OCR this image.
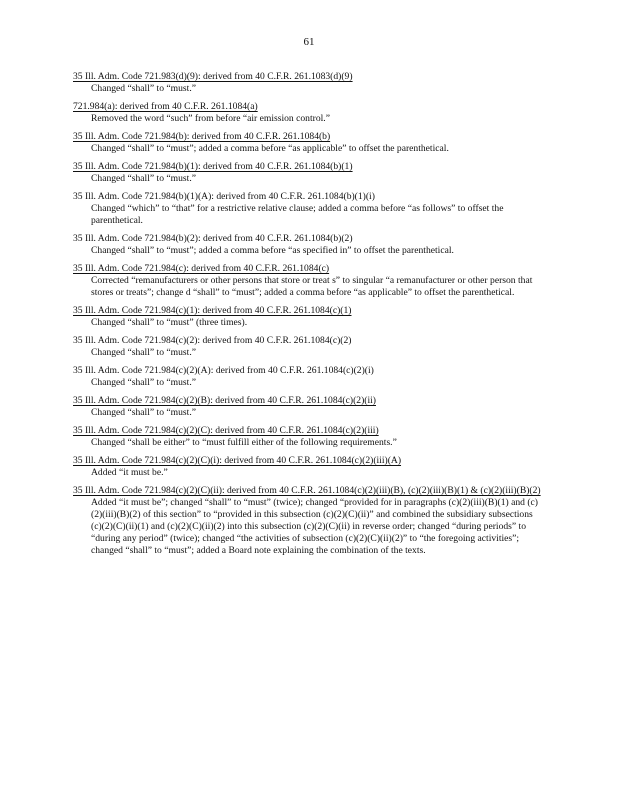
61
35 Ill. Adm. Code 721.983(d)(9): derived from 40 C.F.R. 261.1083(d)(9)
Changed “shall” to “must.”
721.984(a): derived from 40 C.F.R. 261.1084(a)
Removed the word “such” from before “air emission control.”
35 Ill. Adm. Code 721.984(b): derived from 40 C.F.R. 261.1084(b)
Changed “shall” to “must”; added a comma before “as applicable” to offset the parenthetical.
35 Ill. Adm. Code 721.984(b)(1): derived from 40 C.F.R. 261.1084(b)(1)
Changed “shall” to “must.”
35 Ill. Adm. Code 721.984(b)(1)(A): derived from 40 C.F.R. 261.1084(b)(1)(i)
Changed “which” to “that” for a restrictive relative clause; added a comma before “as follows” to offset the parenthetical.
35 Ill. Adm. Code 721.984(b)(2): derived from 40 C.F.R. 261.1084(b)(2)
Changed “shall” to “must”; added a comma before “as specified in” to offset the parenthetical.
35 Ill. Adm. Code 721.984(c): derived from 40 C.F.R. 261.1084(c)
Corrected “remanufacturers or other persons that store or treat s” to singular “a remanufacturer or other person that stores or treats”; change d “shall” to “must”; added a comma before “as applicable” to offset the parenthetical.
35 Ill. Adm. Code 721.984(c)(1): derived from 40 C.F.R. 261.1084(c)(1)
Changed “shall” to “must” (three times).
35 Ill. Adm. Code 721.984(c)(2): derived from 40 C.F.R. 261.1084(c)(2)
Changed “shall” to “must.”
35 Ill. Adm. Code 721.984(c)(2)(A): derived from 40 C.F.R. 261.1084(c)(2)(i)
Changed “shall” to “must.”
35 Ill. Adm. Code 721.984(c)(2)(B): derived from 40 C.F.R. 261.1084(c)(2)(ii)
Changed “shall” to “must.”
35 Ill. Adm. Code 721.984(c)(2)(C): derived from 40 C.F.R. 261.1084(c)(2)(iii)
Changed “shall be either” to “must fulfill either of the following requirements.”
35 Ill. Adm. Code 721.984(c)(2)(C)(i): derived from 40 C.F.R. 261.1084(c)(2)(iii)(A)
Added “it must be.”
35 Ill. Adm. Code 721.984(c)(2)(C)(ii): derived from 40 C.F.R. 261.1084(c)(2)(iii)(B), (c)(2)(iii)(B)(1) & (c)(2)(iii)(B)(2)
Added “it must be”; changed “shall” to “must” (twice); changed “provided for in paragraphs (c)(2)(iii)(B)(1) and (c)(2)(iii)(B)(2) of this section” to “provided in this subsection (c)(2)(C)(ii)” and combined the subsidiary subsections (c)(2)(C)(ii)(1) and (c)(2)(C)(ii)(2) into this subsection (c)(2)(C)(ii) in reverse order; changed “during periods” to “during any period” (twice); changed “the activities of subsection (c)(2)(C)(ii)(2)” to “the foregoing activities”; changed “shall” to “must”; added a Board note explaining the combination of the texts.
